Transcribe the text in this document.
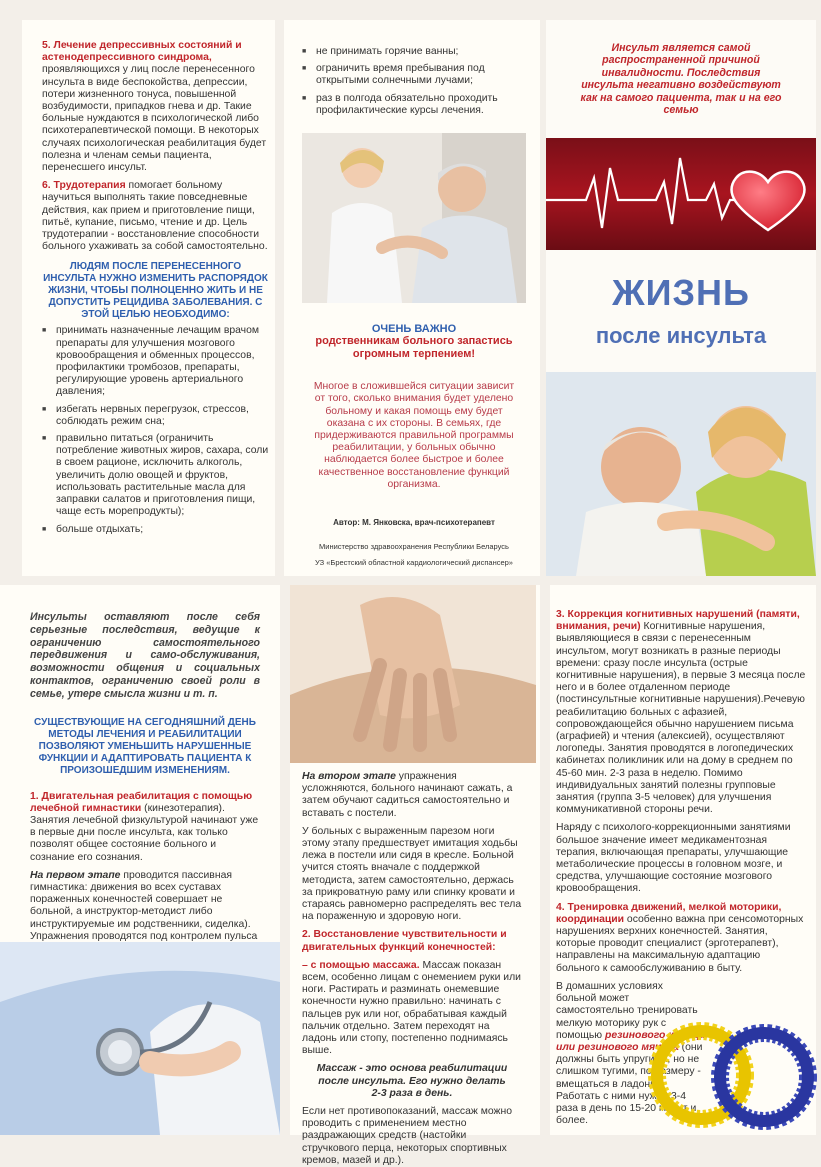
5. Лечение депрессивных состояний и астенодепрессивного синдрома, проявляющихся у лиц после перенесенного инсульта в виде беспокойства, депрессии, потери жизненного тонуса, повышенной возбудимости, припадков гнева и др. Такие больные нуждаются в психологической либо психотерапевтической помощи. В некоторых случаях психологическая реабилитация будет полезна и членам семьи пациента, перенесшего инсульт.

6. Трудотерапия помогает больному научиться выполнять такие повседневные действия, как прием и приготовление пищи, питьё, купание, письмо, чтение и др. Цель трудотерапии - восстановление способности больного ухаживать за собой самостоятельно.

ЛЮДЯМ ПОСЛЕ ПЕРЕНЕСЕННОГО ИНСУЛЬТА НУЖНО ИЗМЕНИТЬ РАСПОРЯДОК ЖИЗНИ, ЧТОБЫ ПОЛНОЦЕННО ЖИТЬ И НЕ ДОПУСТИТЬ РЕЦИДИВА ЗАБОЛЕВАНИЯ. С ЭТОЙ ЦЕЛЬЮ НЕОБХОДИМО:
■ принимать назначенные лечащим врачом препараты для улучшения мозгового кровообращения и обменных процессов, профилактики тромбозов, препараты, регулирующие уровень артериального давления;
■ избегать нервных перегрузок, стрессов, соблюдать режим сна;
■ правильно питаться (ограничить потребление животных жиров, сахара, соли в своем рационе, исключить алкоголь, увеличить долю овощей и фруктов, использовать растительные масла для заправки салатов и приготовления пищи, чаще есть морепродукты);
■ больше отдыхать;
■ не принимать горячие ванны;
■ ограничить время пребывания под открытыми солнечными лучами;
■ раз в полгода обязательно проходить профилактические курсы лечения.
ОЧЕНЬ ВАЖНО
родственникам больного запастись огромным терпением!
Многое в сложившейся ситуации зависит от того, сколько внимания будет уделено больному и какая помощь ему будет оказана с их стороны. В семьях, где придерживаются правильной программы реабилитации, у больных обычно наблюдается более быстрое и более качественное восстановление функций организма.
Автор: М. Янковска, врач-психотерапевт
Министерство здравоохранения Республики Беларусь
УЗ «Брестский областной кардиологический диспансер»
Инсульт является самой распространенной причиной инвалидности. Последствия инсульта негативно воздействуют как на самого пациента, так и на его семью
ЖИЗНЬ
после инсульта
Инсульты оставляют после себя серьезные последствия, ведущие к ограничению самостоятельного передвижения и само-обслуживания, возможности общения и социальных контактов, ограничению своей роли в семье, утере смысла жизни и т. п.
СУЩЕСТВУЮЩИЕ НА СЕГОДНЯШНИЙ ДЕНЬ МЕТОДЫ ЛЕЧЕНИЯ И РЕАБИЛИТАЦИИ ПОЗВОЛЯЮТ УМЕНЬШИТЬ НАРУШЕННЫЕ ФУНКЦИИ И АДАПТИРОВАТЬ ПАЦИЕНТА К ПРОИЗОШЕДШИМ ИЗМЕНЕНИЯМ.

1. Двигательная реабилитация с помощью лечебной гимнастики (кинезотерапия). Занятия лечебной физкультурой начинают уже в первые дни после инсульта, как только позволят общее состояние больного и сознание его сознания.

На первом этапе проводится пассивная гимнастика: движения во всех суставах пораженных конечностей совершает не больной, а инструктор-методист либо инструктируемые им родственники, сиделка). Упражнения проводятся под контролем пульса

На втором этапе упражнения усложняются, больного начинают сажать, а затем обучают садиться самостоятельно и вставать с постели.

У больных с выраженным парезом ноги этому этапу предшествует имитация ходьбы лежа в постели или сидя в кресле. Больной учится стоять вначале с поддержкой методиста, затем самостоятельно, держась за прикроватную раму или спинку кровати и стараясь равномерно распределять вес тела на пораженную и здоровую ноги.

2. Восстановление чувствительности и двигательных функций конечностей:

– с помощью массажа. Массаж показан всем, особенно лицам с онемением руки или ноги. Растирать и разминать онемевшие конечности нужно правильно: начинать с пальцев рук или ног, обрабатывая каждый пальчик отдельно. Затем переходят на ладонь или стопу, постепенно поднимаясь выше.

Массаж - это основа реабилитации после инсульта. Его нужно делать 2-3 раза в день.

Если нет противопоказаний, массаж можно проводить с применением местно раздражающих средств (настойки стручкового перца, некоторых спортивных кремов, мазей и др.).

3. Коррекция когнитивных нарушений (памяти, внимания, речи) Когнитивные нарушения, выявляющиеся в связи с перенесенным инсультом, могут возникать в разные периоды времени: сразу после инсульта (острые когнитивные нарушения), в первые 3 месяца после него и в более отдаленном периоде (постинсультные когнитивные нарушения).Речевую реабилитацию больных с афазией, сопровождающейся обычно нарушением письма (аграфией) и чтения (алексией), осуществляют логопеды. Занятия проводятся в логопедических кабинетах поликлиник или на дому в среднем по 45-60 мин. 2-3 раза в неделю. Помимо индивидуальных занятий полезны групповые занятия (группа 3-5 человек) для улучшения коммуникативной стороны речи.

Наряду с психолого-коррекционными занятиями большое значение имеет медикаментозная терапия, включающая препараты, улучшающие метаболические процессы в головном мозге, и средства, улучшающие состояние мозгового кровообращения.

4. Тренировка движений, мелкой моторики, координации особенно важна при сенсомоторных нарушениях верхних конечностей. Занятия, которые проводит специалист (эрготерапевт), направлены на максимальную адаптацию больного к самообслуживанию в быту.

В домашних условиях больной может самостоятельно тренировать мелкую моторику рук с помощью резинового кольца или резинового мячика (они должны быть упругими, но не слишком тугими, по размеру - вмещаться в ладони). Работать с ними нужно 3-4 раза в день по 15-20 минут и более.
